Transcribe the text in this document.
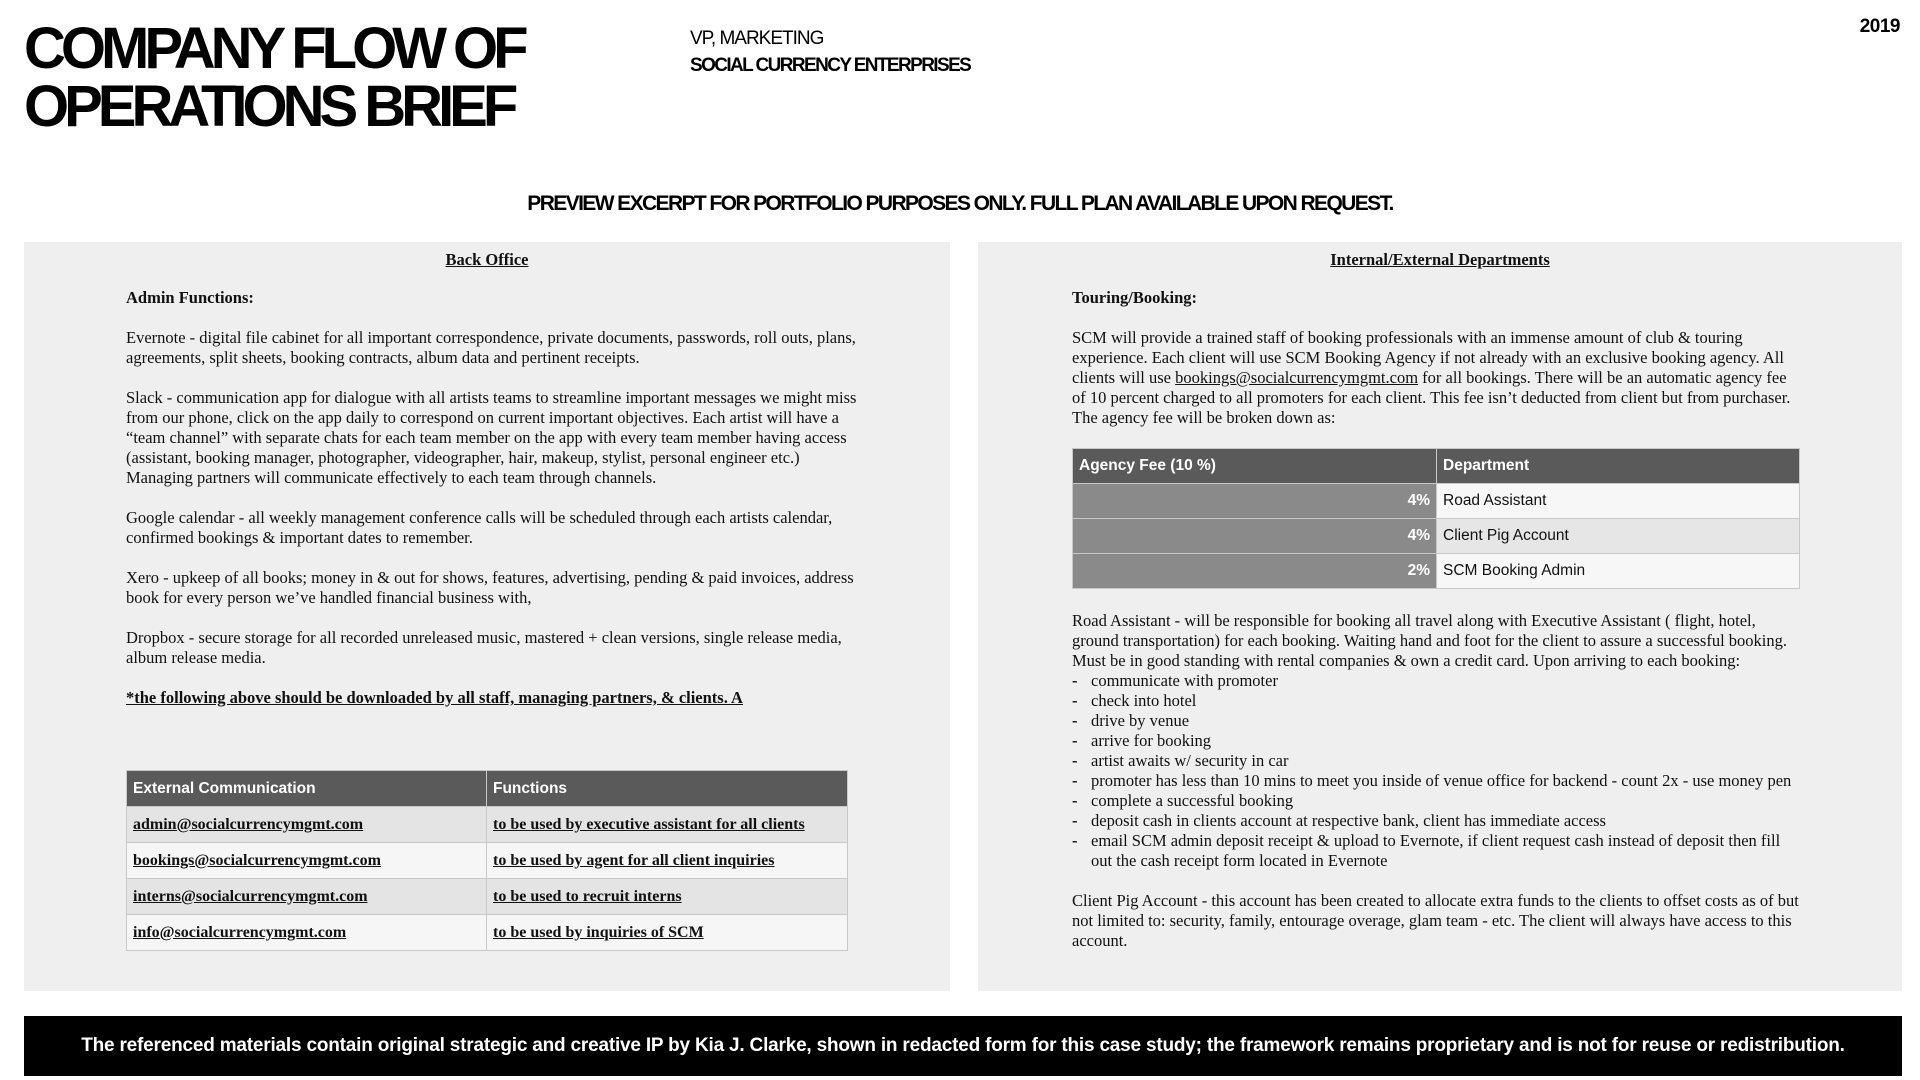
COMPANY FLOW OF
OPERATIONS BRIEF
VP, MARKETING
SOCIAL CURRENCY ENTERPRISES
2019
PREVIEW EXCERPT FOR PORTFOLIO PURPOSES ONLY. FULL PLAN AVAILABLE UPON REQUEST.
Back Office
Admin Functions:

Evernote - digital file cabinet for all important correspondence, private documents, passwords, roll outs, plans, agreements, split sheets, booking contracts, album data and pertinent receipts.

Slack - communication app for dialogue with all artists teams to streamline important messages we might miss from our phone, click on the app daily to correspond on current important objectives. Each artist will have a “team channel” with separate chats for each team member on the app with every team member having access (assistant, booking manager, photographer, videographer, hair, makeup, stylist, personal engineer etc.) Managing partners will communicate effectively to each team through channels.

Google calendar - all weekly management conference calls will be scheduled through each artists calendar, confirmed bookings & important dates to remember.

Xero - upkeep of all books; money in & out for shows, features, advertising, pending & paid invoices, address book for every person we’ve handled financial business with,

Dropbox - secure storage for all recorded unreleased music, mastered + clean versions, single release media, album release media.

*the following above should be downloaded by all staff, managing partners, & clients. A

External Communication	Functions
admin@socialcurrencymgmt.com	to be used by executive assistant for all clients
bookings@socialcurrencymgmt.com	to be used by agent for all client inquiries
interns@socialcurrencymgmt.com	to be used to recruit interns
info@socialcurrencymgmt.com	to be used by inquiries of SCM
Internal/External Departments
Touring/Booking:

SCM will provide a trained staff of booking professionals with an immense amount of club & touring experience. Each client will use SCM Booking Agency if not already with an exclusive booking agency. All clients will use bookings@socialcurrencymgmt.com for all bookings. There will be an automatic agency fee of 10 percent charged to all promoters for each client. This fee isn’t deducted from client but from purchaser. The agency fee will be broken down as:

Agency Fee (10 %)	Department
4%	Road Assistant
4%	Client Pig Account
2%	SCM Booking Admin

Road Assistant - will be responsible for booking all travel along with Executive Assistant ( flight, hotel, ground transportation) for each booking. Waiting hand and foot for the client to assure a successful booking. Must be in good standing with rental companies & own a credit card. Upon arriving to each booking:

- communicate with promoter
- check into hotel
- drive by venue
- arrive for booking
- artist awaits w/ security in car
- promoter has less than 10 mins to meet you inside of venue office for backend - count 2x - use money pen
- complete a successful booking
- deposit cash in clients account at respective bank, client has immediate access
- email SCM admin deposit receipt & upload to Evernote, if client request cash instead of deposit then fill out the cash receipt form located in Evernote

Client Pig Account - this account has been created to allocate extra funds to the clients to offset costs as of but not limited to: security, family, entourage overage, glam team - etc. The client will always have access to this account.

The referenced materials contain original strategic and creative IP by Kia J. Clarke, shown in redacted form for this case study; the framework remains proprietary and is not for reuse or redistribution.
